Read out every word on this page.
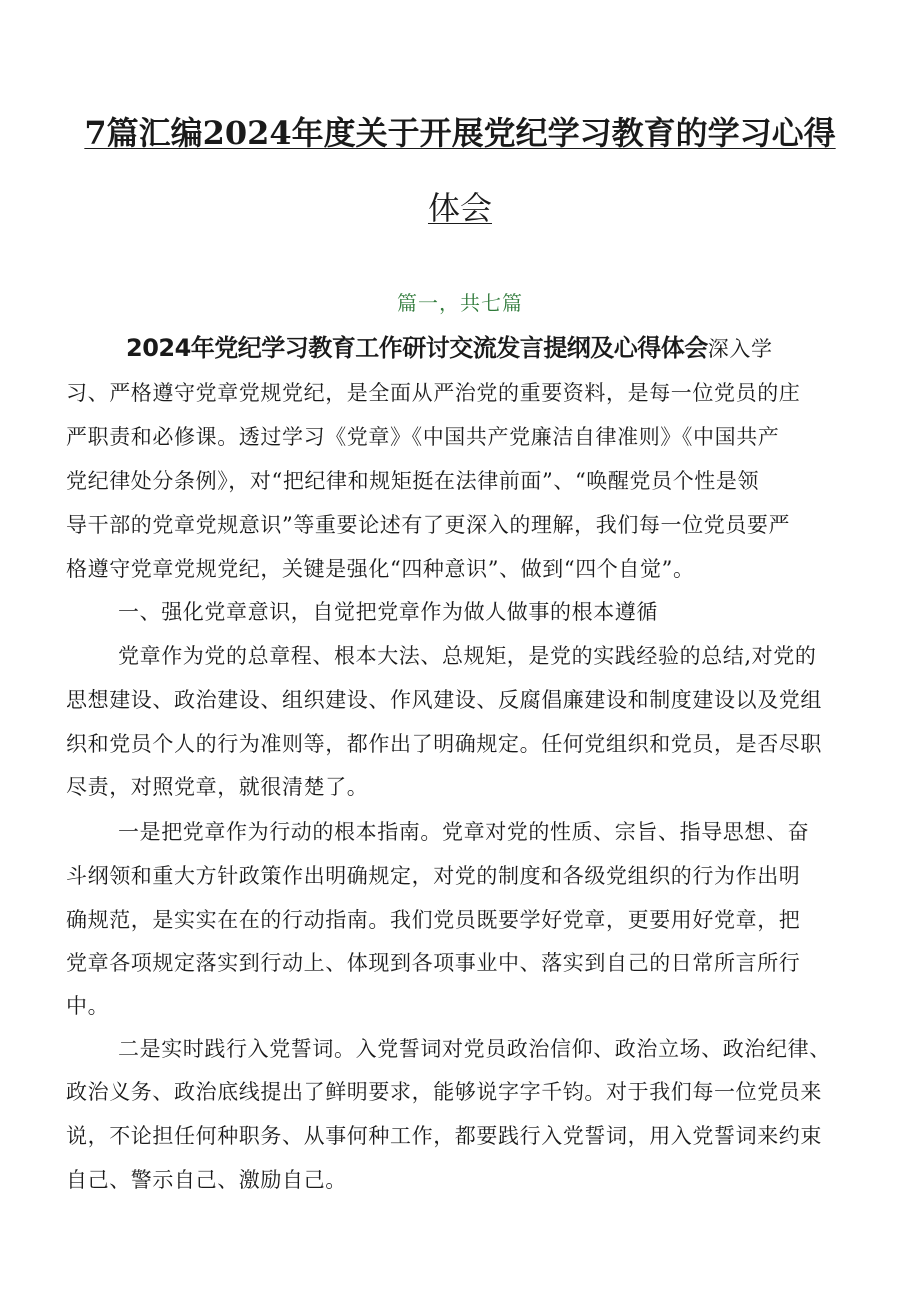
7篇汇编2024年度关于开展党纪学习教育的学习心得
体会
篇一，共七篇
2024年党纪学习教育工作研讨交流发言提纲及心得体会深入学
习、严格遵守党章党规党纪，是全面从严治党的重要资料，是每一位党员的庄
严职责和必修课。透过学习《党章》《中国共产党廉洁自律准则》《中国共产
党纪律处分条例》，对“把纪律和规矩挺在法律前面”、“唤醒党员个性是领
导干部的党章党规意识”等重要论述有了更深入的理解，我们每一位党员要严
格遵守党章党规党纪，关键是强化“四种意识”、做到“四个自觉”。
一、强化党章意识，自觉把党章作为做人做事的根本遵循
党章作为党的总章程、根本大法、总规矩，是党的实践经验的总结,对党的
思想建设、政治建设、组织建设、作风建设、反腐倡廉建设和制度建设以及党组
织和党员个人的行为准则等，都作出了明确规定。任何党组织和党员，是否尽职
尽责，对照党章，就很清楚了。
一是把党章作为行动的根本指南。党章对党的性质、宗旨、指导思想、奋
斗纲领和重大方针政策作出明确规定，对党的制度和各级党组织的行为作出明
确规范，是实实在在的行动指南。我们党员既要学好党章，更要用好党章，把
党章各项规定落实到行动上、体现到各项事业中、落实到自己的日常所言所行
中。
二是实时践行入党誓词。入党誓词对党员政治信仰、政治立场、政治纪律、
政治义务、政治底线提出了鲜明要求，能够说字字千钧。对于我们每一位党员来
说，不论担任何种职务、从事何种工作，都要践行入党誓词，用入党誓词来约束
自己、警示自己、激励自己。
